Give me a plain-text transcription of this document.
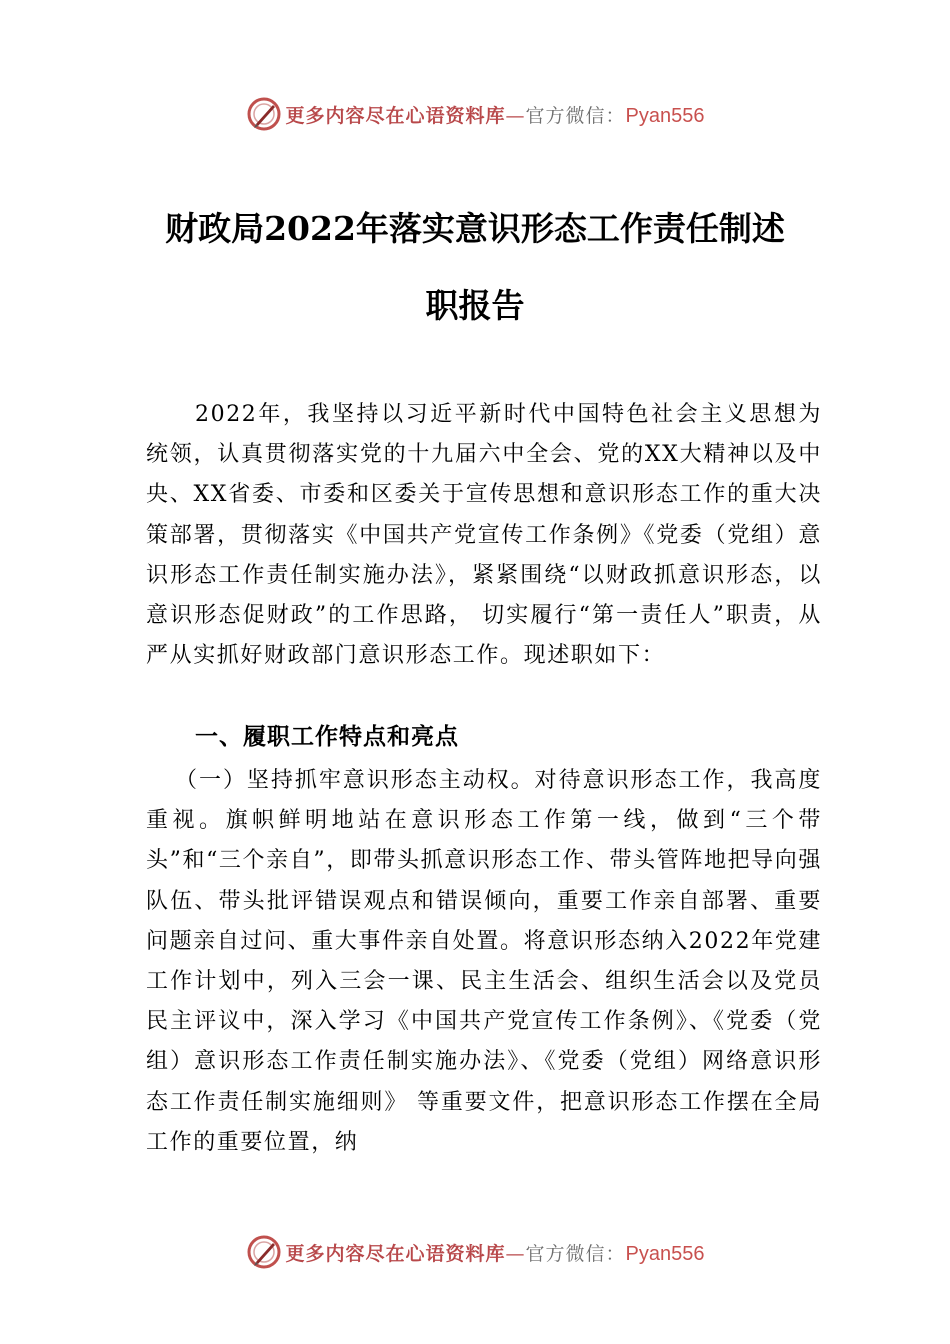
更多内容尽在心语资料库—官方微信：Pyan556
财政局2022年落实意识形态工作责任制述
职报告

2022年，我坚持以习近平新时代中国特色社会主义思想为统领，认真贯彻落实党的十九届六中全会、党的XX大精神以及中央、XX省委、市委和区委关于宣传思想和意识形态工作的重大决策部署，贯彻落实《中国共产党宣传工作条例》《党委（党组）意识形态工作责任制实施办法》，紧紧围绕“以财政抓意识形态，以意识形态促财政”的工作思路， 切实履行“第一责任人”职责，从严从实抓好财政部门意识形态工作。现述职如下：

一、履职工作特点和亮点

（一）坚持抓牢意识形态主动权。对待意识形态工作，我高度重视。旗帜鲜明地站在意识形态工作第一线，做到“三个带头”和“三个亲自”，即带头抓意识形态工作、带头管阵地把导向强队伍、带头批评错误观点和错误倾向，重要工作亲自部署、重要问题亲自过问、重大事件亲自处置。将意识形态纳入2022年党建工作计划中，列入三会一课、民主生活会、组织生活会以及党员民主评议中，深入学习《中国共产党宣传工作条例》、《党委（党组）意识形态工作责任制实施办法》、《党委（党组）网络意识形态工作责任制实施细则》 等重要文件，把意识形态工作摆在全局工作的重要位置，纳

更多内容尽在心语资料库—官方微信：Pyan556
